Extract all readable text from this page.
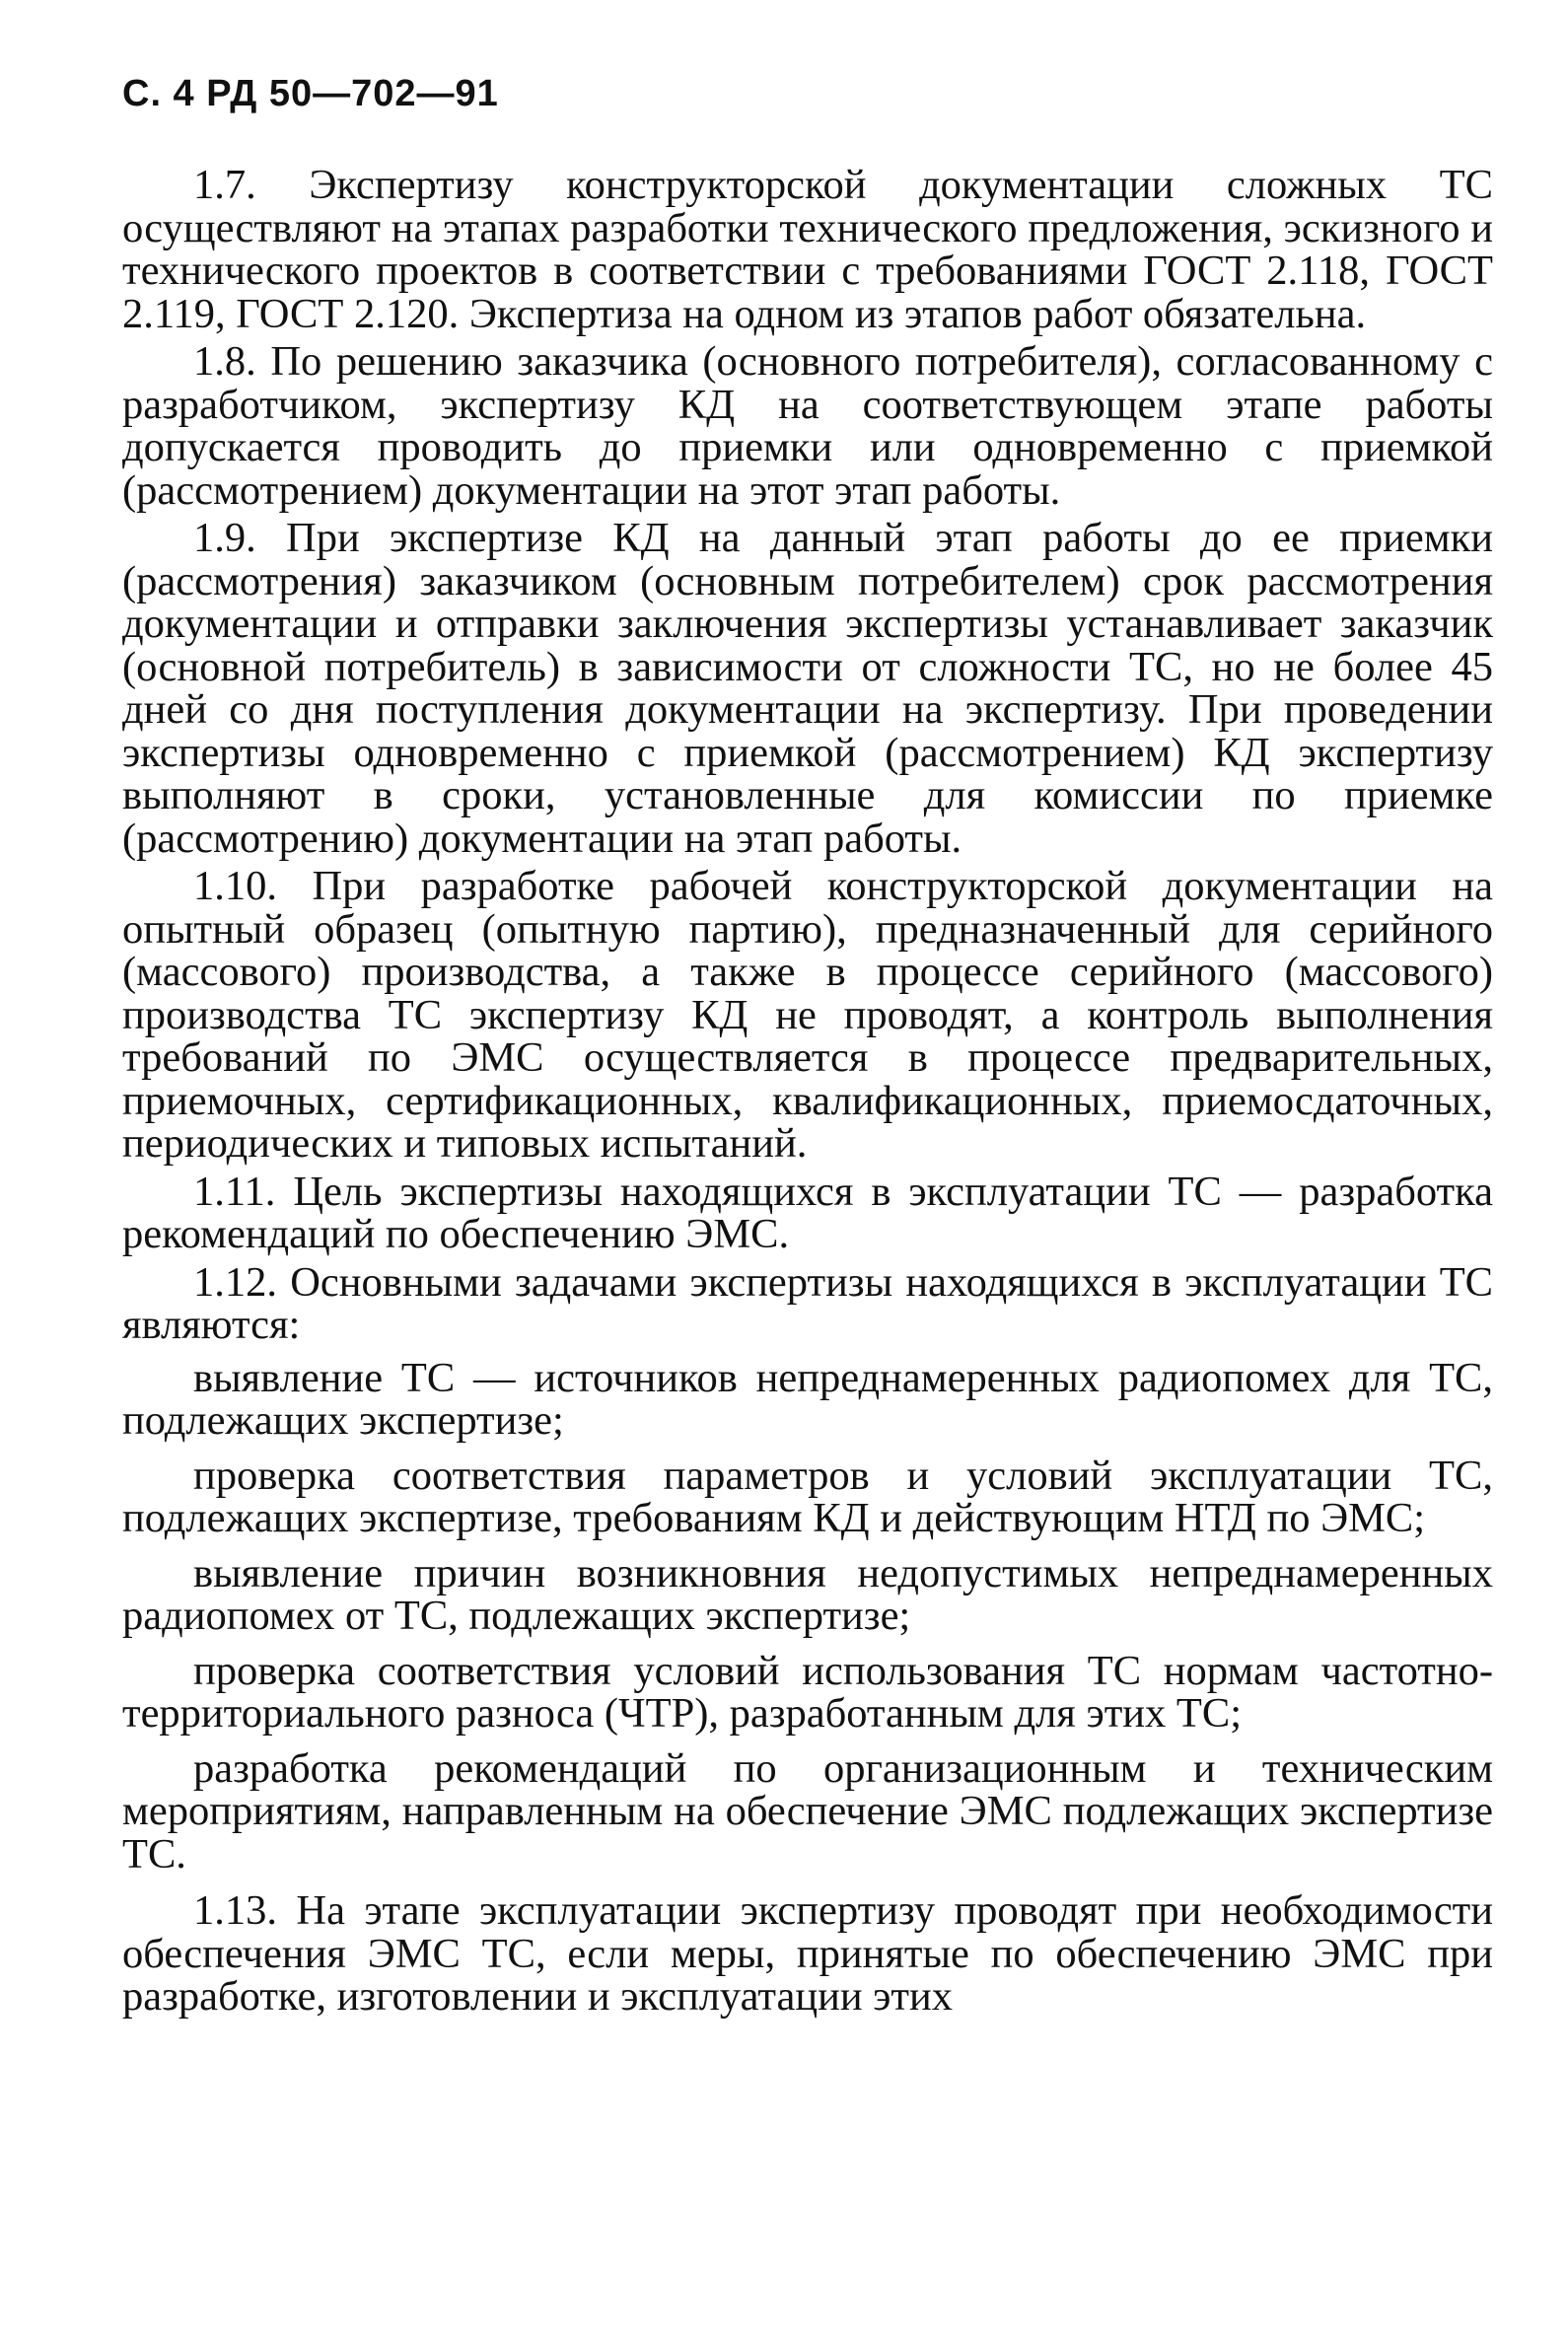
С. 4 РД 50—702—91

1.7. Экспертизу конструкторской документации сложных ТС осуществляют на этапах разработки технического предложения, эскизного и технического проектов в соответствии с требованиями ГОСТ 2.118, ГОСТ 2.119, ГОСТ 2.120. Экспертиза на одном из этапов работ обязательна.

1.8. По решению заказчика (основного потребителя), согласованному с разработчиком, экспертизу КД на соответствующем этапе работы допускается проводить до приемки или одновременно с приемкой (рассмотрением) документации на этот этап работы.

1.9. При экспертизе КД на данный этап работы до ее приемки (рассмотрения) заказчиком (основным потребителем) срок рассмотрения документации и отправки заключения экспертизы устанавливает заказчик (основной потребитель) в зависимости от сложности ТС, но не более 45 дней со дня поступления документации на экспертизу. При проведении экспертизы одновременно с приемкой (рассмотрением) КД экспертизу выполняют в сроки, установленные для комиссии по приемке (рассмотрению) документации на этап работы.

1.10. При разработке рабочей конструкторской документации на опытный образец (опытную партию), предназначенный для серийного (массового) производства, а также в процессе серийного (массового) производства ТС экспертизу КД не проводят, а контроль выполнения требований по ЭМС осуществляется в процессе предварительных, приемочных, сертификационных, квалификационных, приемосдаточных, периодических и типовых испытаний.

1.11. Цель экспертизы находящихся в эксплуатации ТС — разработка рекомендаций по обеспечению ЭМС.

1.12. Основными задачами экспертизы находящихся в эксплуатации ТС являются:

выявление ТС — источников непреднамеренных радиопомех для ТС, подлежащих экспертизе;

проверка соответствия параметров и условий эксплуатации ТС, подлежащих экспертизе, требованиям КД и действующим НТД по ЭМС;

выявление причин возникновния недопустимых непреднамеренных радиопомех от ТС, подлежащих экспертизе;

проверка соответствия условий использования ТС нормам частотно-территориального разноса (ЧТР), разработанным для этих ТС;

разработка рекомендаций по организационным и техническим мероприятиям, направленным на обеспечение ЭМС подлежащих экспертизе ТС.

1.13. На этапе эксплуатации экспертизу проводят при необходимости обеспечения ЭМС ТС, если меры, принятые по обеспечению ЭМС при разработке, изготовлении и эксплуатации этих
